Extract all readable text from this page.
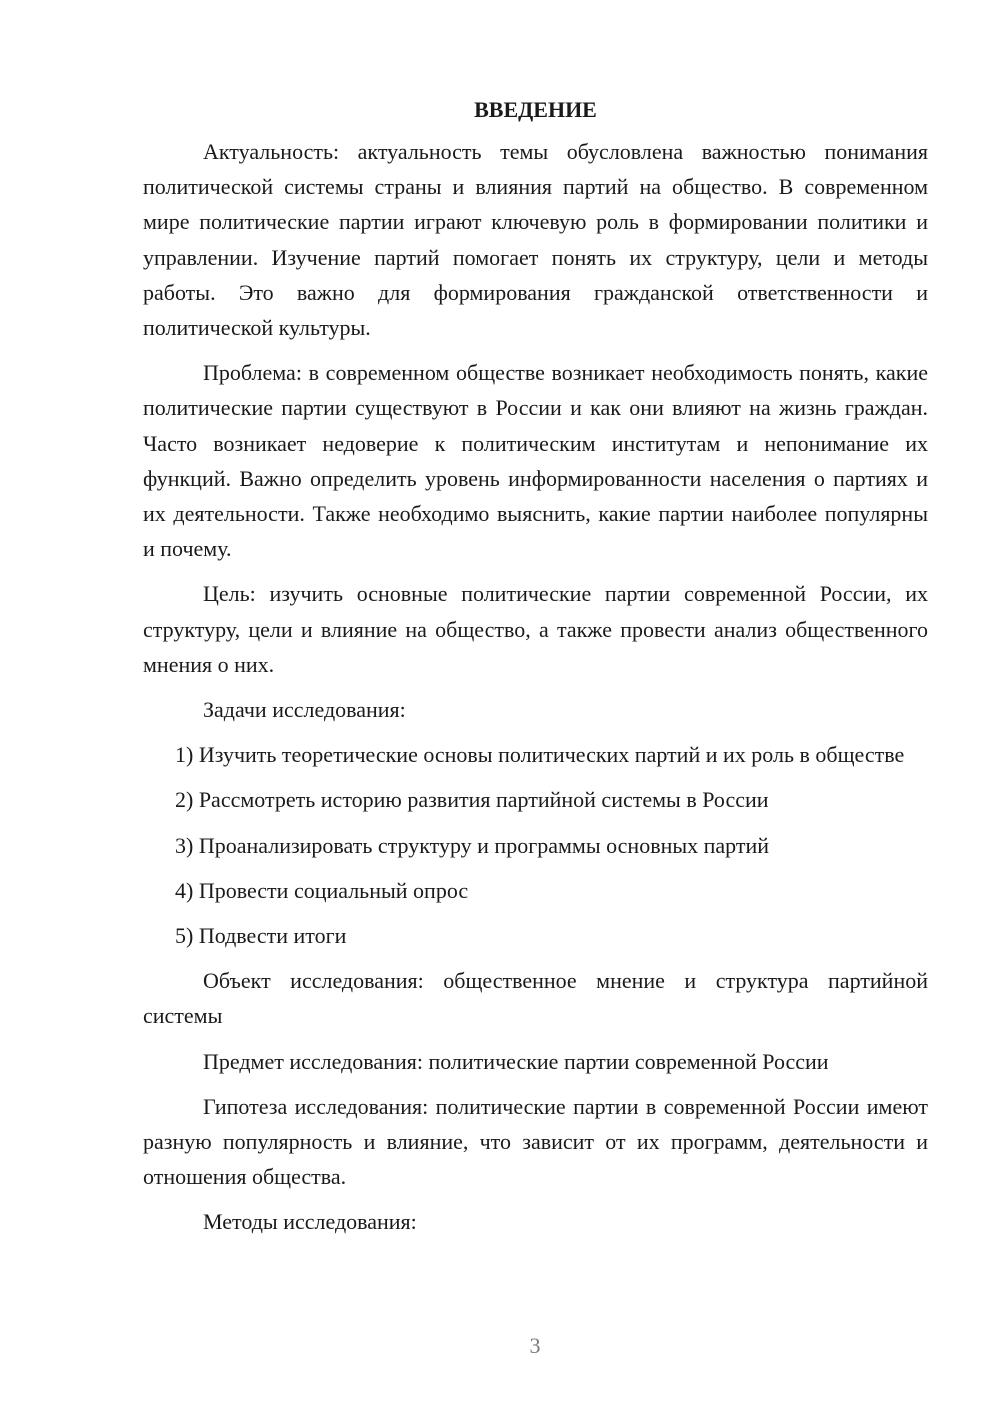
ВВЕДЕНИЕ

Актуальность: актуальность темы обусловлена важностью понимания политической системы страны и влияния партий на общество. В современном мире политические партии играют ключевую роль в формировании политики и управлении. Изучение партий помогает понять их структуру, цели и методы работы. Это важно для формирования гражданской ответственности и политической культуры.

Проблема: в современном обществе возникает необходимость понять, какие политические партии существуют в России и как они влияют на жизнь граждан. Часто возникает недоверие к политическим институтам и непонимание их функций. Важно определить уровень информированности населения о партиях и их деятельности. Также необходимо выяснить, какие партии наиболее популярны и почему.

Цель: изучить основные политические партии современной России, их структуру, цели и влияние на общество, а также провести анализ общественного мнения о них.

Задачи исследования:

1) Изучить теоретические основы политических партий и их роль в обществе

2) Рассмотреть историю развития партийной системы в России

3) Проанализировать структуру и программы основных партий

4) Провести социальный опрос

5) Подвести итоги

Объект исследования: общественное мнение и структура партийной системы

Предмет исследования: политические партии современной России

Гипотеза исследования: политические партии в современной России имеют разную популярность и влияние, что зависит от их программ, деятельности и отношения общества.

Методы исследования:

3
